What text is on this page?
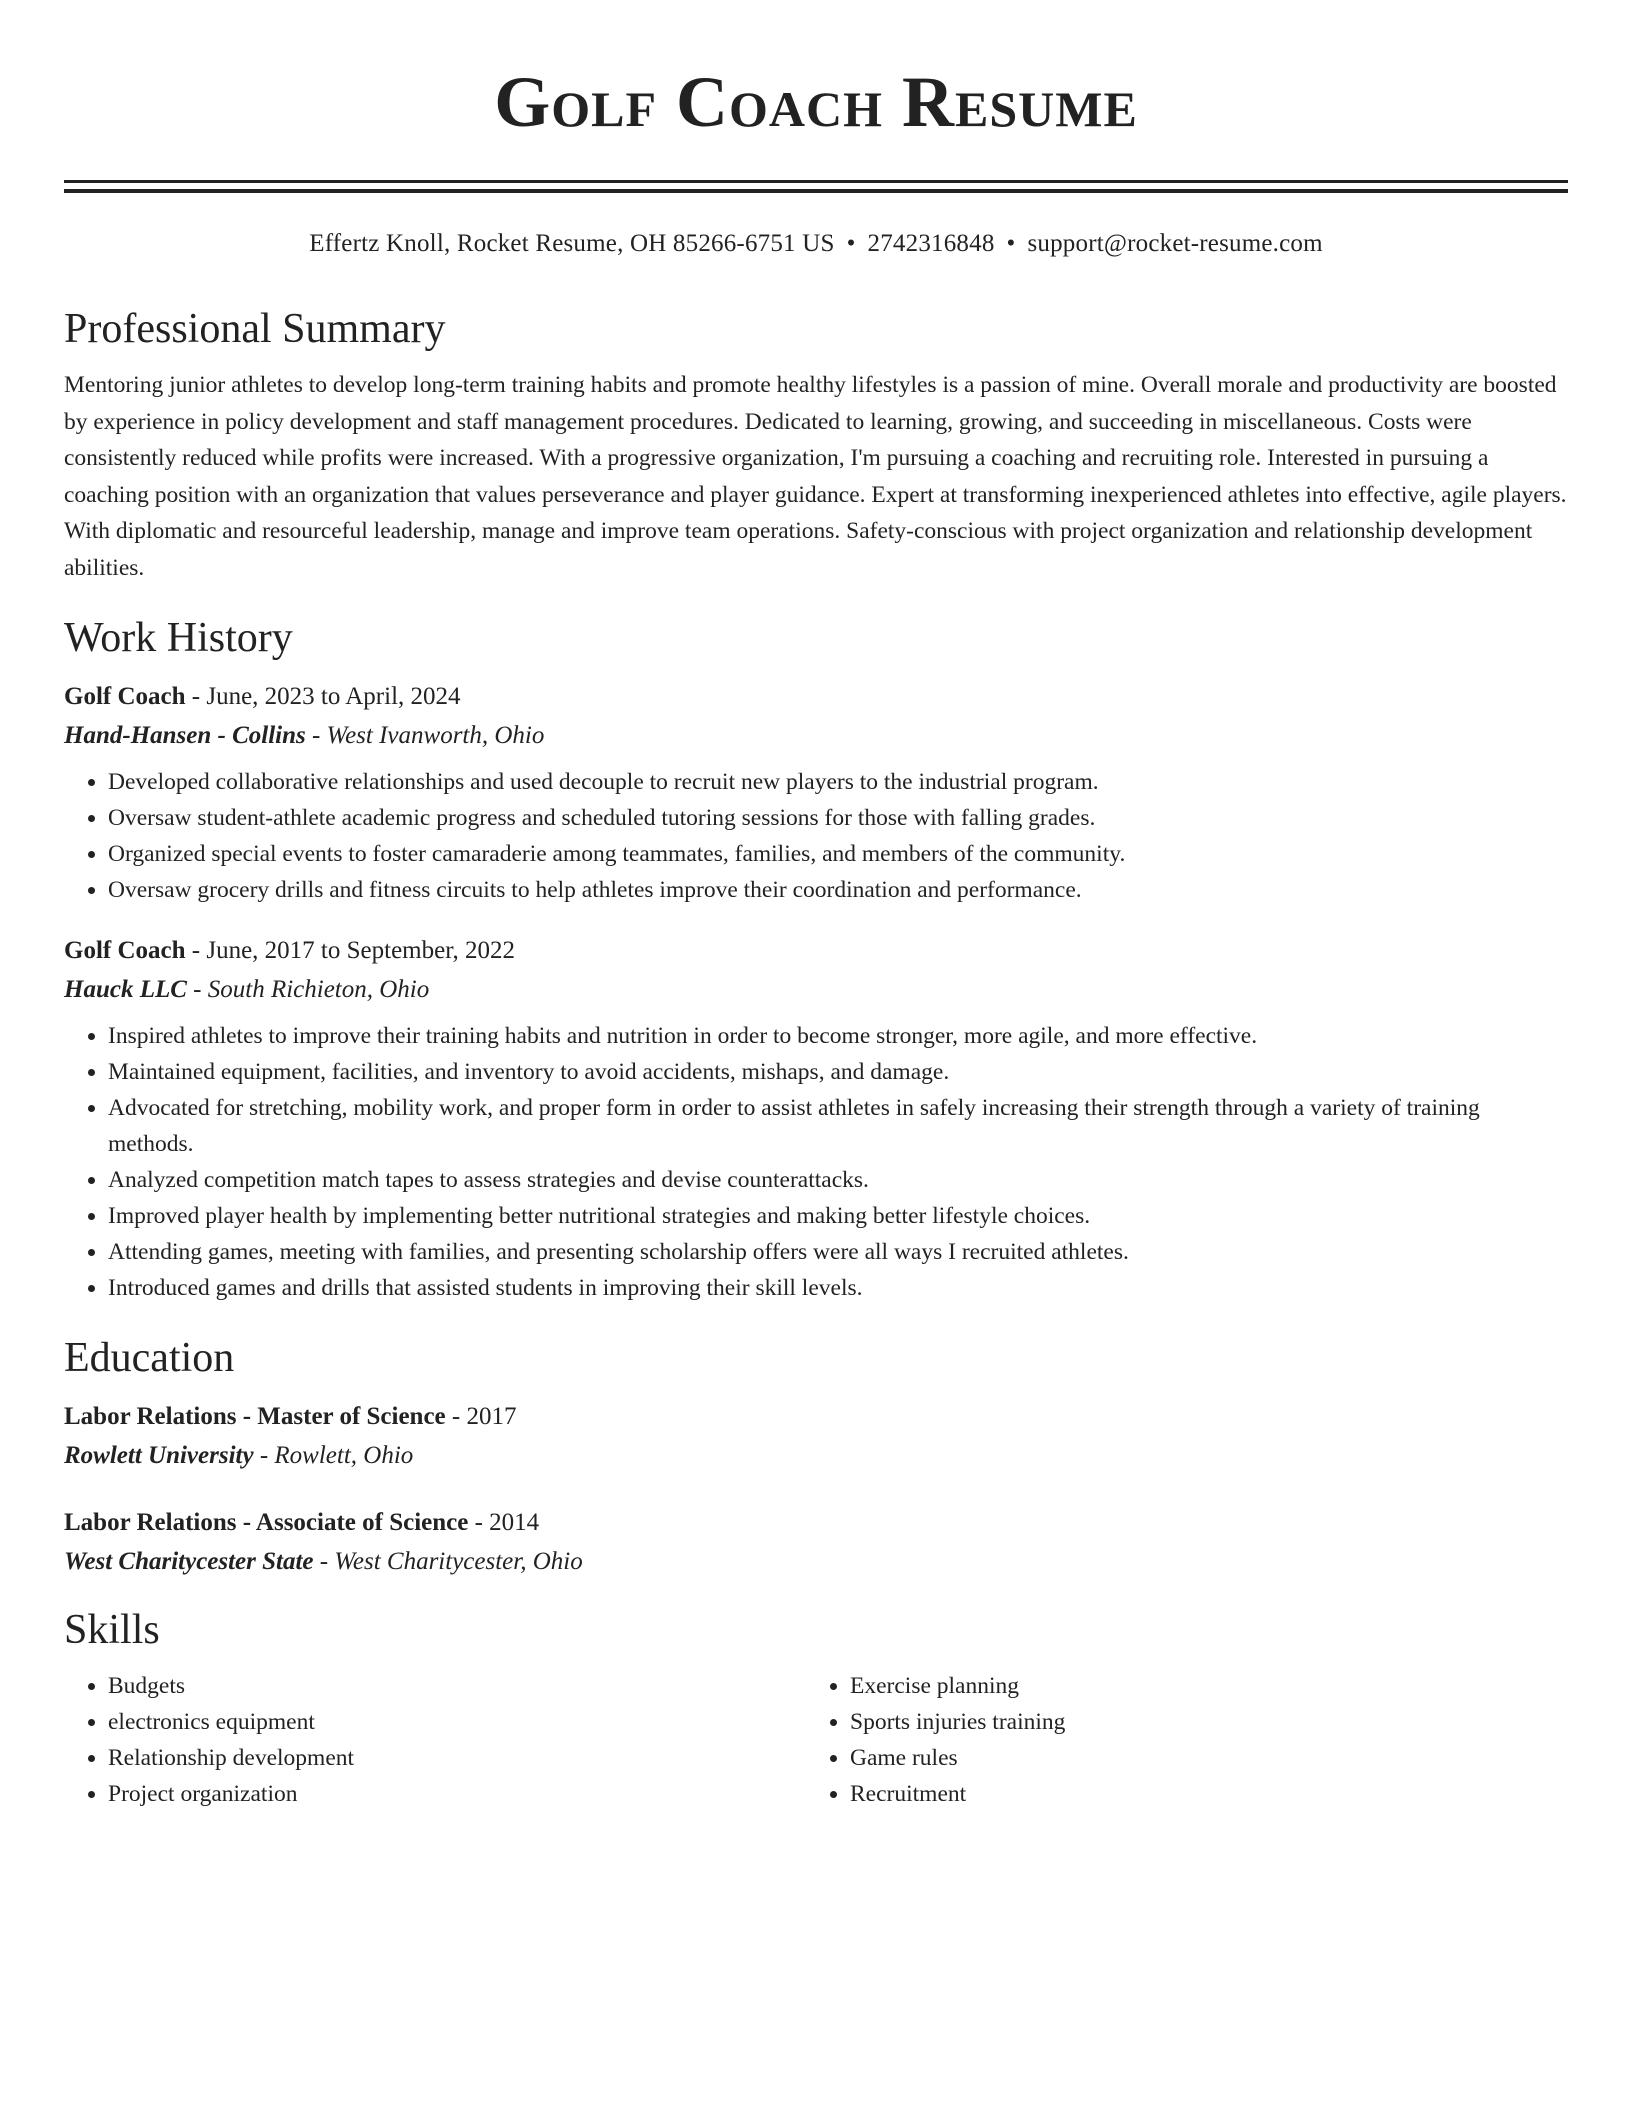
Golf Coach Resume
Effertz Knoll, Rocket Resume, OH 85266-6751 US • 2742316848 • support@rocket-resume.com
Professional Summary
Mentoring junior athletes to develop long-term training habits and promote healthy lifestyles is a passion of mine. Overall morale and productivity are boosted by experience in policy development and staff management procedures. Dedicated to learning, growing, and succeeding in miscellaneous. Costs were consistently reduced while profits were increased. With a progressive organization, I'm pursuing a coaching and recruiting role. Interested in pursuing a coaching position with an organization that values perseverance and player guidance. Expert at transforming inexperienced athletes into effective, agile players. With diplomatic and resourceful leadership, manage and improve team operations. Safety-conscious with project organization and relationship development abilities.
Work History
Golf Coach - June, 2023 to April, 2024
Hand-Hansen - Collins - West Ivanworth, Ohio
• Developed collaborative relationships and used decouple to recruit new players to the industrial program.
• Oversaw student-athlete academic progress and scheduled tutoring sessions for those with falling grades.
• Organized special events to foster camaraderie among teammates, families, and members of the community.
• Oversaw grocery drills and fitness circuits to help athletes improve their coordination and performance.
Golf Coach - June, 2017 to September, 2022
Hauck LLC - South Richieton, Ohio
• Inspired athletes to improve their training habits and nutrition in order to become stronger, more agile, and more effective.
• Maintained equipment, facilities, and inventory to avoid accidents, mishaps, and damage.
• Advocated for stretching, mobility work, and proper form in order to assist athletes in safely increasing their strength through a variety of training methods.
• Analyzed competition match tapes to assess strategies and devise counterattacks.
• Improved player health by implementing better nutritional strategies and making better lifestyle choices.
• Attending games, meeting with families, and presenting scholarship offers were all ways I recruited athletes.
• Introduced games and drills that assisted students in improving their skill levels.
Education
Labor Relations - Master of Science - 2017
Rowlett University - Rowlett, Ohio
Labor Relations - Associate of Science - 2014
West Charitycester State - West Charitycester, Ohio
Skills
• Budgets
• electronics equipment
• Relationship development
• Project organization
• Exercise planning
• Sports injuries training
• Game rules
• Recruitment
